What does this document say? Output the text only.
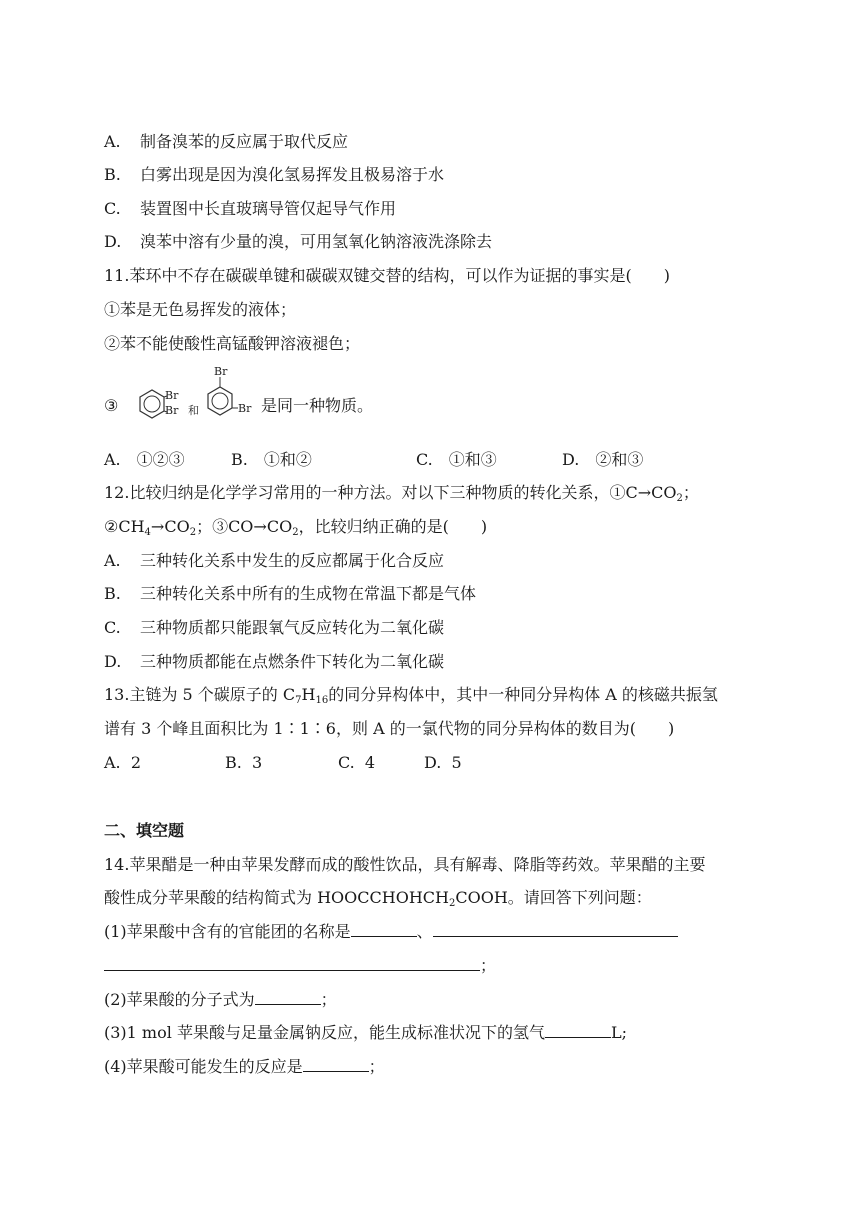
A. 制备溴苯的反应属于取代反应
B. 白雾出现是因为溴化氢易挥发且极易溶于水
C. 装置图中长直玻璃导管仅起导气作用
D. 溴苯中溶有少量的溴，可用氢氧化钠溶液洗涤除去
11.苯环中不存在碳碳单键和碳碳双键交替的结构，可以作为证据的事实是(　　)
①苯是无色易挥发的液体；
②苯不能使酸性高锰酸钾溶液褪色；
③
Br
Br 和
Br
Br 是同一种物质。
A.　①②③	B.　①和②	C.　①和③	D.　②和③
12.比较归纳是化学学习常用的一种方法。对以下三种物质的转化关系，$①C\to CO_2$；
$②CH_4\to CO_2$；$③CO\to CO_2$，比较归纳正确的是(　　)
A. 三种转化关系中发生的反应都属于化合反应
B. 三种转化关系中所有的生成物在常温下都是气体
C. 三种物质都只能跟氧气反应转化为二氧化碳
D. 三种物质都能在点燃条件下转化为二氧化碳
13.主链为 5 个碳原子的 $C_7H_{16}$的同分异构体中，其中一种同分异构体 A 的核磁共振氢
谱有 3 个峰且面积比为 1∶1∶6，则 A 的一氯代物的同分异构体的数目为(　　)
A.  2	B.  3	C.  4	D.  5
二、填空题
14.苹果醋是一种由苹果发酵而成的酸性饮品，具有解毒、降脂等药效。苹果醋的主要
酸性成分苹果酸的结构简式为 $HOOCCHOHCH_2COOH$。请回答下列问题：
(1)苹果酸中含有的官能团的名称是	、
；
(2)苹果酸的分子式为	；
(3)1 mol 苹果酸与足量金属钠反应，能生成标准状况下的氢气	L;
(4)苹果酸可能发生的反应是	；
